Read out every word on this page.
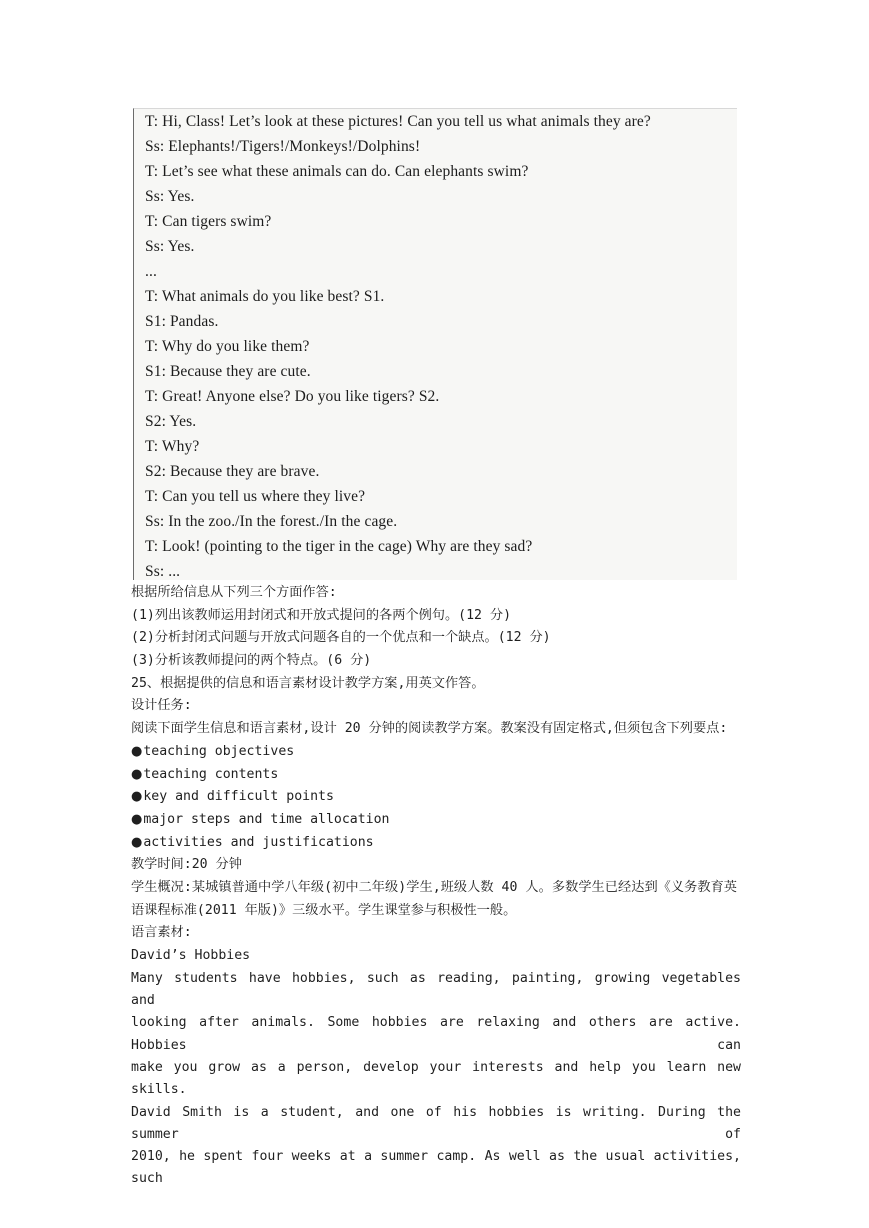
T: Hi, Class! Let’s look at these pictures! Can you tell us what animals they are?
Ss: Elephants!/Tigers!/Monkeys!/Dolphins!
T: Let’s see what these animals can do. Can elephants swim?
Ss: Yes.
T: Can tigers swim?
Ss: Yes.
...
T: What animals do you like best? S1.
S1: Pandas.
T: Why do you like them?
S1: Because they are cute.
T: Great! Anyone else? Do you like tigers? S2.
S2: Yes.
T: Why?
S2: Because they are brave.
T: Can you tell us where they live?
Ss: In the zoo./In the forest./In the cage.
T: Look! (pointing to the tiger in the cage) Why are they sad?
Ss: ...
根据所给信息从下列三个方面作答:
(1)列出该教师运用封闭式和开放式提问的各两个例句。(12 分)
(2)分析封闭式问题与开放式问题各自的一个优点和一个缺点。(12 分)
(3)分析该教师提问的两个特点。(6 分)
25、根据提供的信息和语言素材设计教学方案,用英文作答。
设计任务:
阅读下面学生信息和语言素材,设计 20 分钟的阅读教学方案。教案没有固定格式,但须包含下列要点:
●teaching objectives
●teaching contents
●key and difficult points
●major steps and time allocation
●activities and justifications
教学时间:20 分钟
学生概况:某城镇普通中学八年级(初中二年级)学生,班级人数 40 人。多数学生已经达到《义务教育英语课程标准(2011 年版)》三级水平。学生课堂参与积极性一般。
语言素材:
David’s Hobbies
Many students have hobbies, such as reading, painting, growing vegetables and
looking after animals. Some hobbies are relaxing and others are active. Hobbies can
make you grow as a person, develop your interests and help you learn new skills.
David Smith is a student, and one of his hobbies is writing. During the summer of
2010, he spent four weeks at a summer camp. As well as the usual activities, such
